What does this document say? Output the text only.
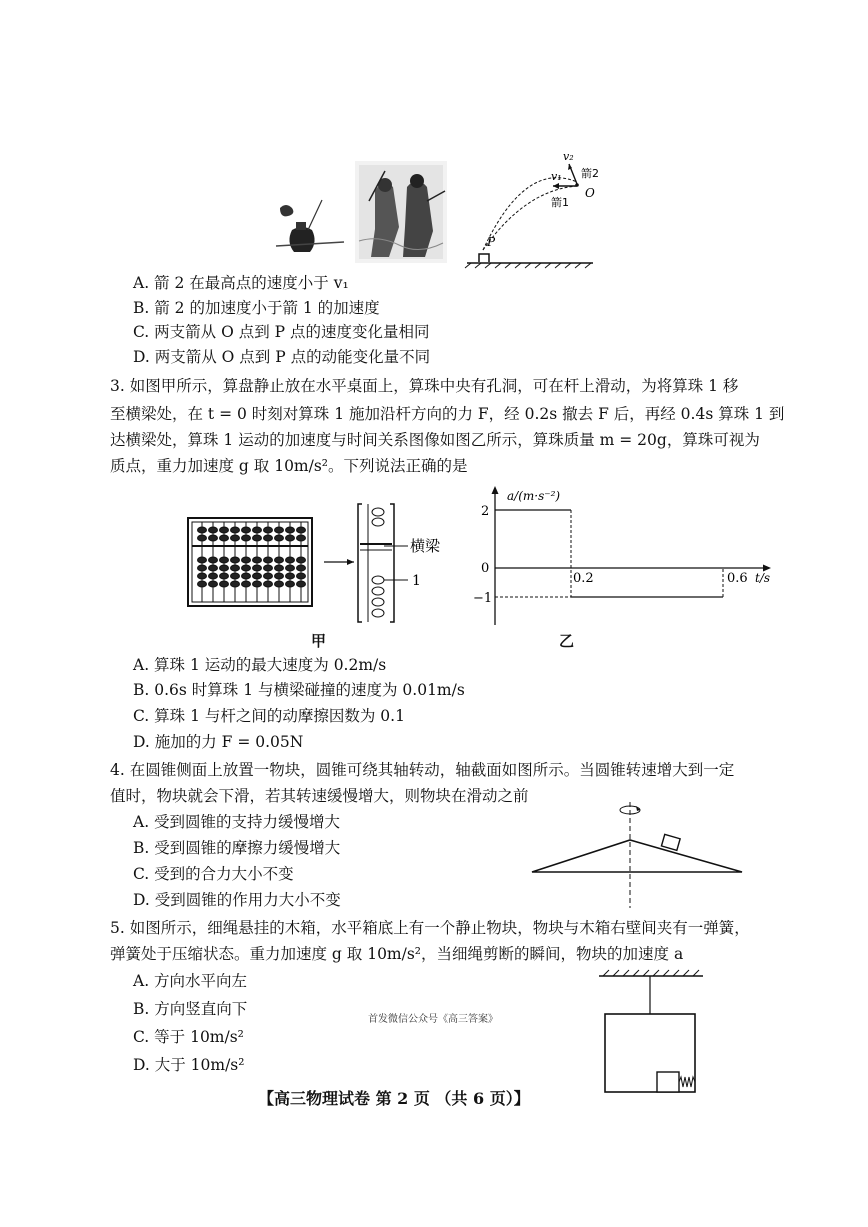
v₂
v₁ 箭2
箭1
O
P
A. 箭 2 在最高点的速度小于 v₁
B. 箭 2 的加速度小于箭 1 的加速度
C. 两支箭从 O 点到 P 点的速度变化量相同
D. 两支箭从 O 点到 P 点的动能变化量不同
3. 如图甲所示，算盘静止放在水平桌面上，算珠中央有孔洞，可在杆上滑动，为将算珠 1 移
至横梁处，在 t = 0 时刻对算珠 1 施加沿杆方向的力 F，经 0.2s 撤去 F 后，再经 0.4s 算珠 1 到
达横梁处，算珠 1 运动的加速度与时间关系图像如图乙所示，算珠质量 m = 20g，算珠可视为
质点，重力加速度 g 取 10m/s²。下列说法正确的是
横梁
1
甲
a/(m·s⁻²)
2
0
−1
0.2	0.6 t/s
乙
A. 算珠 1 运动的最大速度为 0.2m/s
B. 0.6s 时算珠 1 与横梁碰撞的速度为 0.01m/s
C. 算珠 1 与杆之间的动摩擦因数为 0.1
D. 施加的力 F = 0.05N
4. 在圆锥侧面上放置一物块，圆锥可绕其轴转动，轴截面如图所示。当圆锥转速增大到一定
值时，物块就会下滑，若其转速缓慢增大，则物块在滑动之前
A. 受到圆锥的支持力缓慢增大
B. 受到圆锥的摩擦力缓慢增大
C. 受到的合力大小不变
D. 受到圆锥的作用力大小不变
5. 如图所示，细绳悬挂的木箱，水平箱底上有一个静止物块，物块与木箱右壁间夹有一弹簧，
弹簧处于压缩状态。重力加速度 g 取 10m/s²，当细绳剪断的瞬间，物块的加速度 a
A. 方向水平向左
B. 方向竖直向下
C. 等于 10m/s²
D. 大于 10m/s²
首发微信公众号《高三答案》
【高三物理试卷 第 2 页 （共 6 页）】
